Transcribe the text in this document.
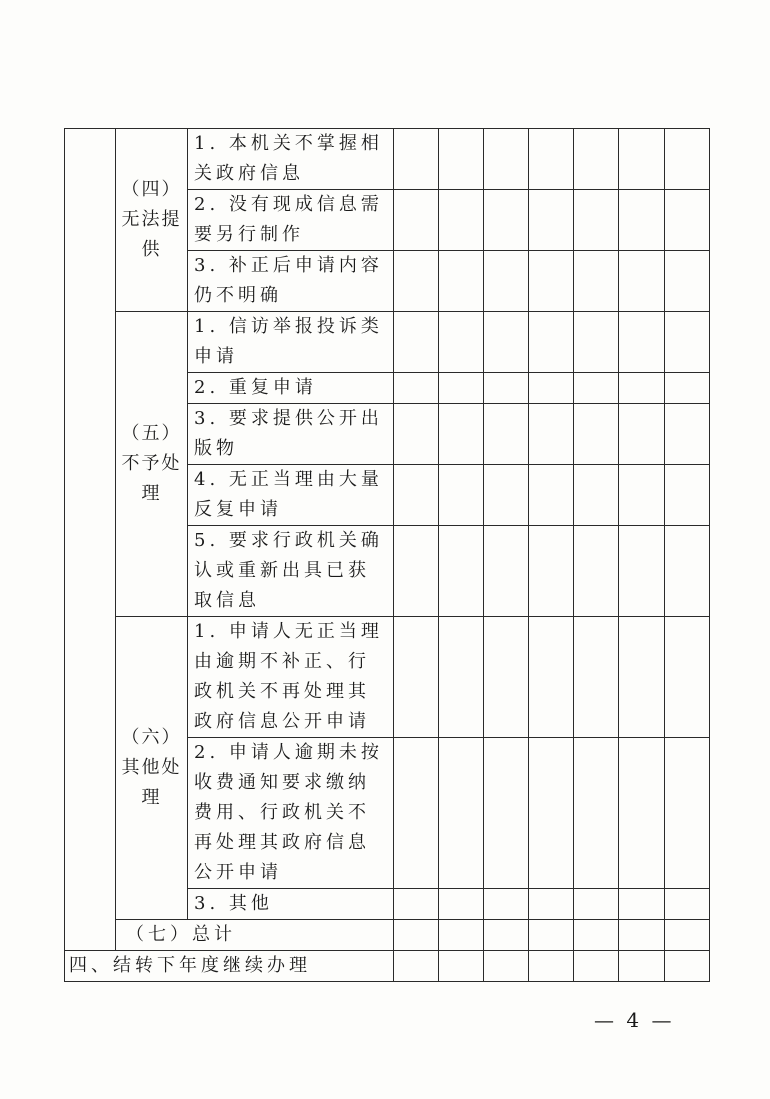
	（四）无法提供	1. 本机关不掌握相关政府信息							
		2. 没有现成信息需要另行制作							
		3. 补正后申请内容仍不明确							
	（五）不予处理	1. 信访举报投诉类申请							
		2. 重复申请							
		3. 要求提供公开出版物							
		4. 无正当理由大量反复申请							
		5. 要求行政机关确认或重新出具已获取信息							
	（六）其他处理	1. 申请人无正当理由逾期不补正、行政机关不再处理其政府信息公开申请							
		2. 申请人逾期未按收费通知要求缴纳费用、行政机关不再处理其政府信息公开申请							
		3. 其他							
	（七）总计								
四、结转下年度继续办理									
— 4 —
